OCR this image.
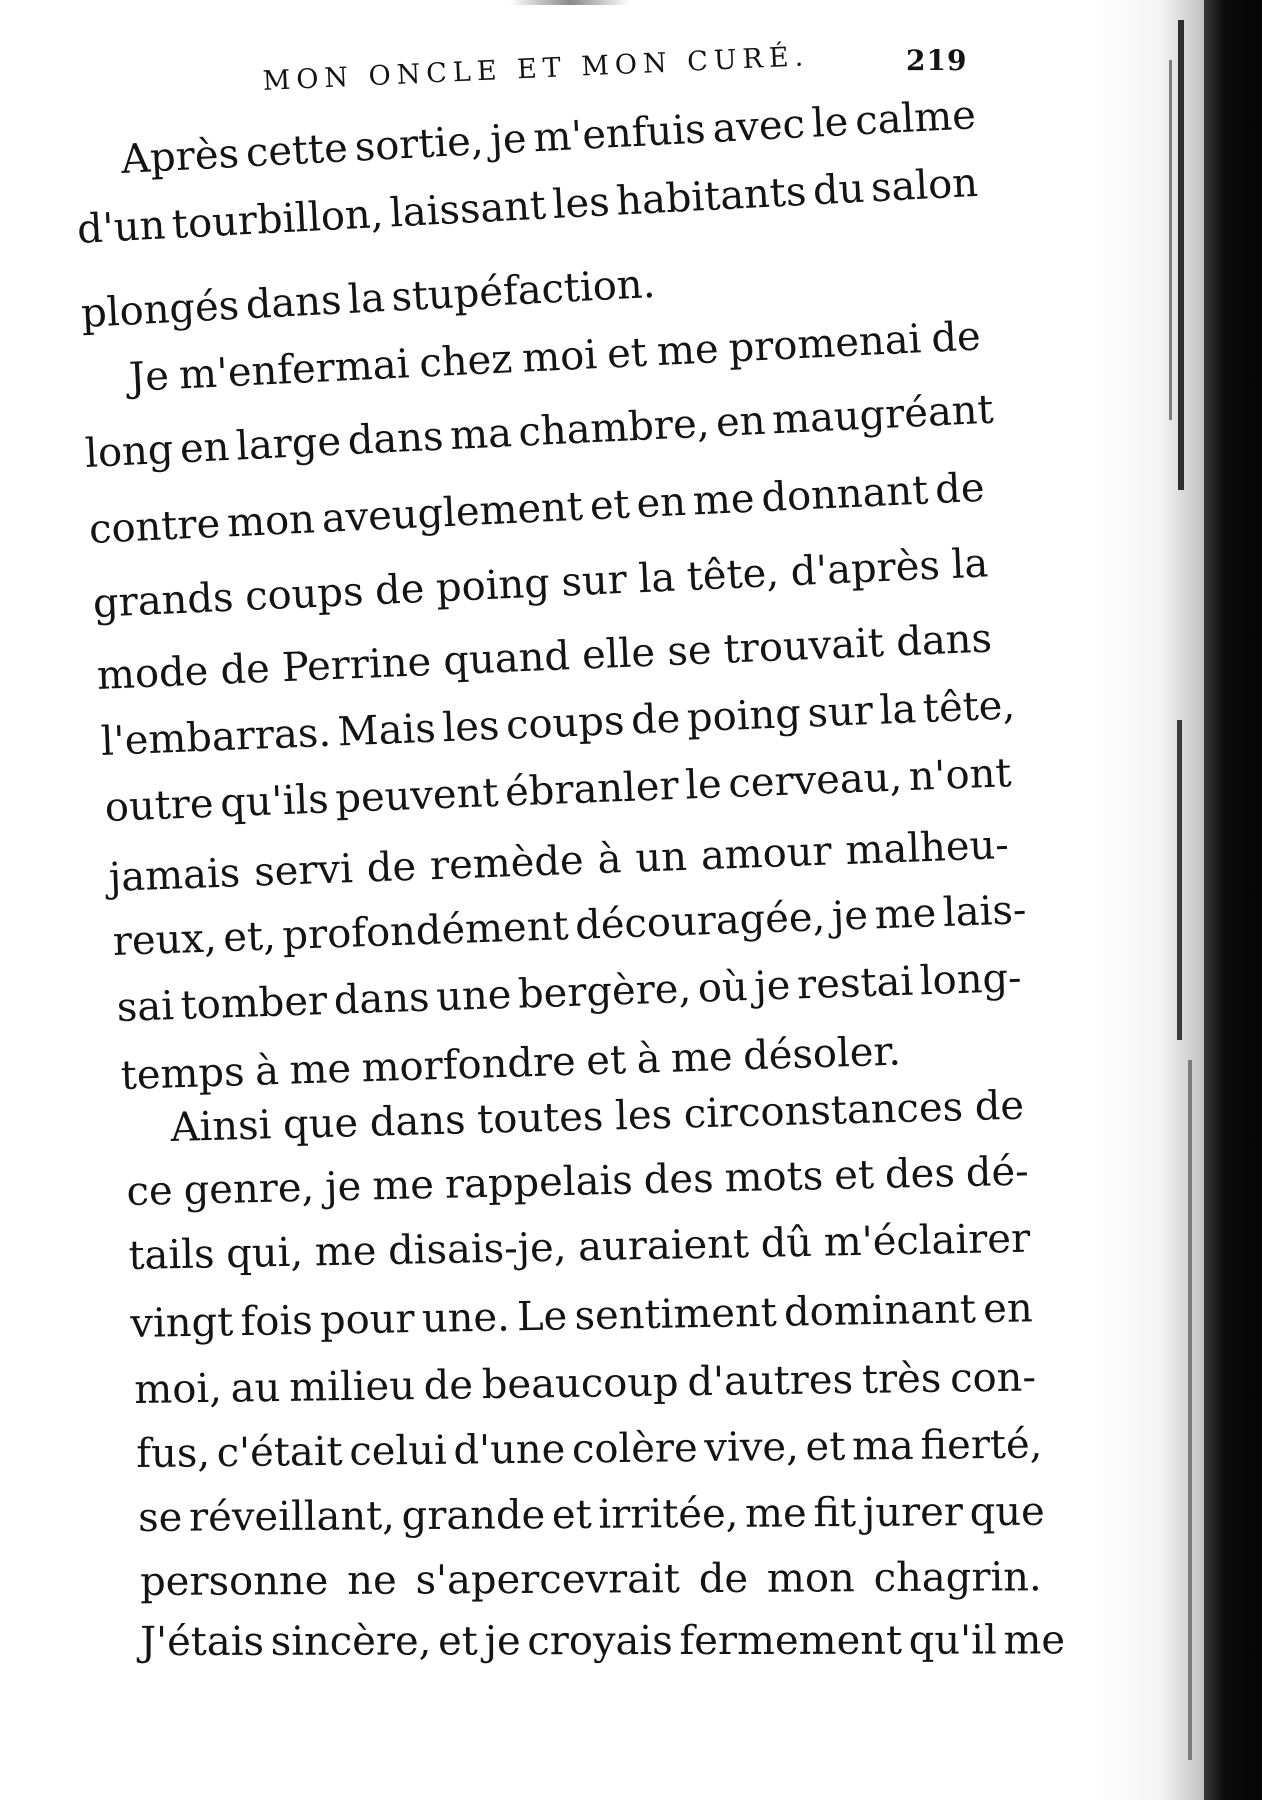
MON ONCLE ET MON CURÉ.	219
Après cette sortie, je m'enfuis avec le calme
d'un tourbillon, laissant les habitants du salon
plongés dans la stupéfaction.
Je m'enfermai chez moi et me promenai de
long en large dans ma chambre, en maugréant
contre mon aveuglement et en me donnant de
grands coups de poing sur la tête, d'après la
mode de Perrine quand elle se trouvait dans
l'embarras. Mais les coups de poing sur la tête,
outre qu'ils peuvent ébranler le cerveau, n'ont
jamais servi de remède à un amour malheu-
reux, et, profondément découragée, je me lais-
sai tomber dans une bergère, où je restai long-
temps à me morfondre et à me désoler.
Ainsi que dans toutes les circonstances de
ce genre, je me rappelais des mots et des dé-
tails qui, me disais-je, auraient dû m'éclairer
vingt fois pour une. Le sentiment dominant en
moi, au milieu de beaucoup d'autres très con-
fus, c'était celui d'une colère vive, et ma fierté,
se réveillant, grande et irritée, me fit jurer que
personne ne s'apercevrait de mon chagrin.
J'étais sincère, et je croyais fermement qu'il me
